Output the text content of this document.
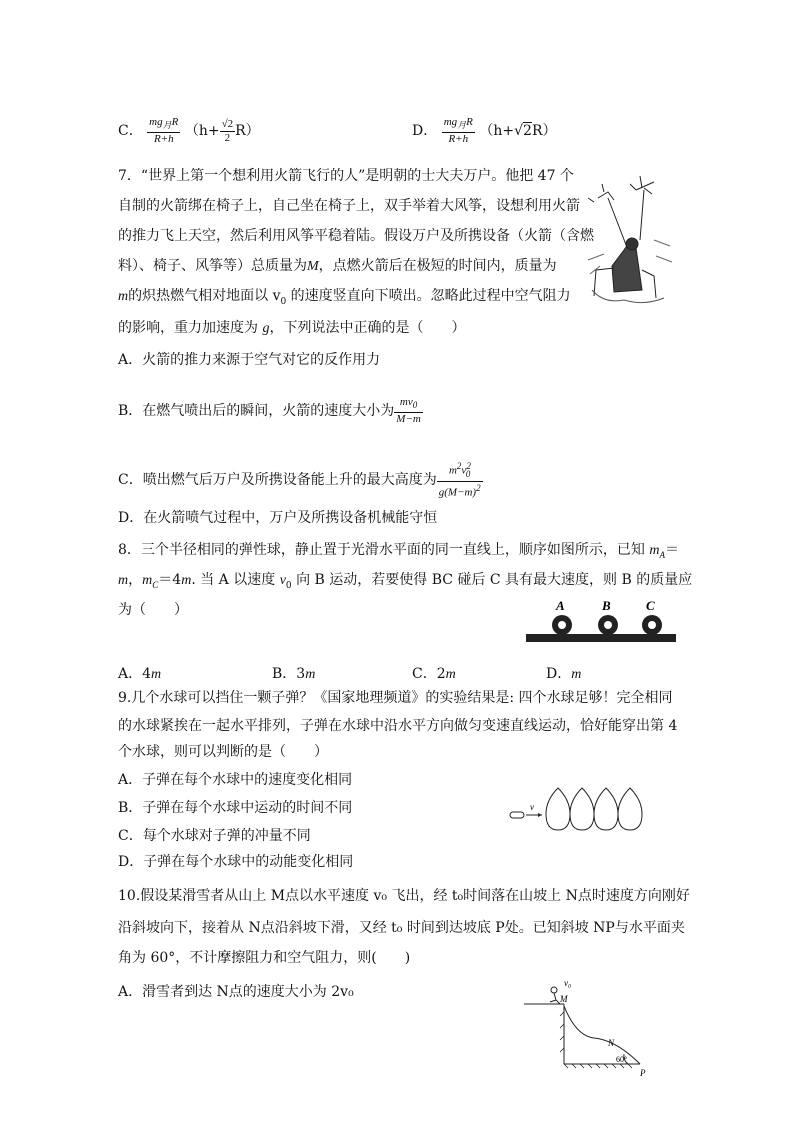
C． $\frac{mg_月R}{R+h} (h+ \frac{√2}{2} R)$	D． $\frac{mg_月R}{R+h} (h+√2R)$
7．“世界上第一个想利用火箭飞行的人”是明朝的士大夫万户。他把 47 个
自制的火箭绑在椅子上，自己坐在椅子上，双手举着大风筝，设想利用火箭
的推力飞上天空，然后利用风筝平稳着陆。假设万户及所携设备（火箭（含燃
料）、椅子、风筝等）总质量为M，点燃火箭后在极短的时间内，质量为
m的炽热燃气相对地面以 $v_0$ 的速度竖直向下喷出。忽略此过程中空气阻力
的影响，重力加速度为 g，下列说法中正确的是（　　）
A．火箭的推力来源于空气对它的反作用力
B．在燃气喷出后的瞬间，火箭的速度大小为 $\frac{mv_0}{M-m}$
C．喷出燃气后万户及所携设备能上升的最大高度为 $\frac{m^2v^2_0}{g(M-m)^2}$
D．在火箭喷气过程中，万户及所携设备机械能守恒
8．三个半径相同的弹性球，静止置于光滑水平面的同一直线上，顺序如图所示，已知 $m_A=$
m，$m_C=4m$. 当 A 以速度 $v_0$ 向 B 运动，若要使得 BC 碰后 C 具有最大速度，则 B 的质量应
为（　　）	A	B	C
A．4m	B．3m	C．2m	D．m
9.几个水球可以挡住一颗子弹？《国家地理频道》的实验结果是: 四个水球足够！完全相同
的水球紧挨在一起水平排列，子弹在水球中沿水平方向做匀变速直线运动，恰好能穿出第 4
个水球，则可以判断的是（　　）
A．子弹在每个水球中的速度变化相同
B．子弹在每个水球中运动的时间不同
C．每个水球对子弹的冲量不同
D．子弹在每个水球中的动能变化相同
v
10.假设某滑雪者从山上 M点以水平速度 v₀ 飞出，经 t₀时间落在山坡上 N点时速度方向刚好
沿斜坡向下，接着从 N点沿斜坡下滑，又经 t₀ 时间到达坡底 P处。已知斜坡 NP与水平面夹
角为 60°，不计摩擦阻力和空气阻力，则(　　)
A．滑雪者到达 N点的速度大小为 2v₀
v₀
M
N
60°
P
